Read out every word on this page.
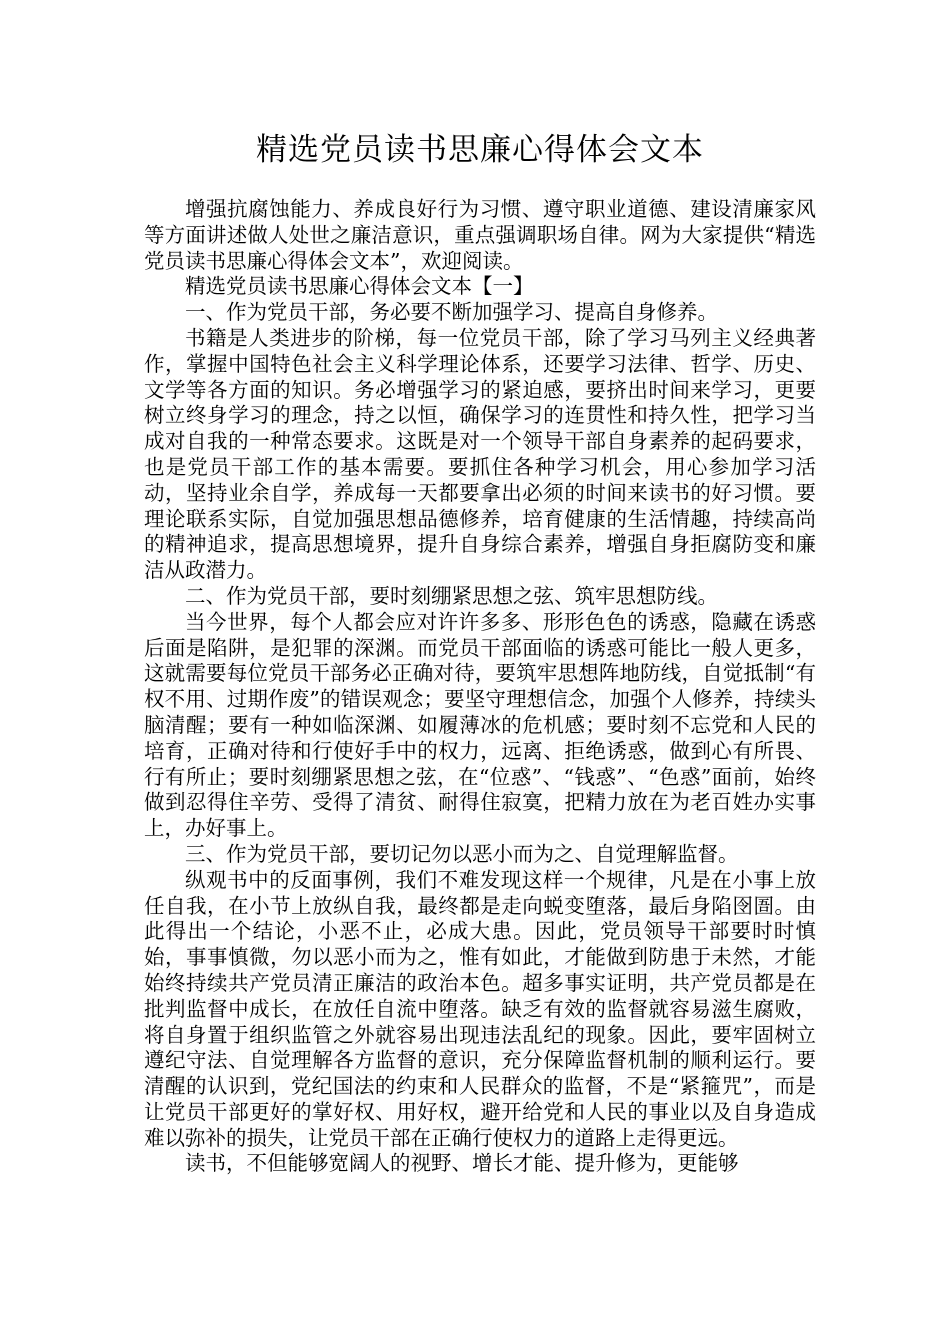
精选党员读书思廉心得体会文本

增强抗腐蚀能力、养成良好行为习惯、遵守职业道德、建设清廉家风等方面讲述做人处世之廉洁意识，重点强调职场自律。网为大家提供“精选党员读书思廉心得体会文本”，欢迎阅读。

精选党员读书思廉心得体会文本【一】

一、作为党员干部，务必要不断加强学习、提高自身修养。

书籍是人类进步的阶梯，每一位党员干部，除了学习马列主义经典著作，掌握中国特色社会主义科学理论体系，还要学习法律、哲学、历史、文学等各方面的知识。务必增强学习的紧迫感，要挤出时间来学习，更要树立终身学习的理念，持之以恒，确保学习的连贯性和持久性，把学习当成对自我的一种常态要求。这既是对一个领导干部自身素养的起码要求，也是党员干部工作的基本需要。要抓住各种学习机会，用心参加学习活动，坚持业余自学，养成每一天都要拿出必须的时间来读书的好习惯。要理论联系实际，自觉加强思想品德修养，培育健康的生活情趣，持续高尚的精神追求，提高思想境界，提升自身综合素养，增强自身拒腐防变和廉洁从政潜力。

二、作为党员干部，要时刻绷紧思想之弦、筑牢思想防线。

当今世界，每个人都会应对许许多多、形形色色的诱惑，隐藏在诱惑后面是陷阱，是犯罪的深渊。而党员干部面临的诱惑可能比一般人更多，这就需要每位党员干部务必正确对待，要筑牢思想阵地防线，自觉抵制“有权不用、过期作废”的错误观念；要坚守理想信念，加强个人修养，持续头脑清醒；要有一种如临深渊、如履薄冰的危机感；要时刻不忘党和人民的培育，正确对待和行使好手中的权力，远离、拒绝诱惑，做到心有所畏、行有所止；要时刻绷紧思想之弦，在“位惑”、“钱惑”、“色惑”面前，始终做到忍得住辛劳、受得了清贫、耐得住寂寞，把精力放在为老百姓办实事上，办好事上。

三、作为党员干部，要切记勿以恶小而为之、自觉理解监督。

纵观书中的反面事例，我们不难发现这样一个规律，凡是在小事上放任自我，在小节上放纵自我，最终都是走向蜕变堕落，最后身陷囹圄。由此得出一个结论，小恶不止，必成大患。因此，党员领导干部要时时慎始，事事慎微，勿以恶小而为之，惟有如此，才能做到防患于未然，才能始终持续共产党员清正廉洁的政治本色。超多事实证明，共产党员都是在批判监督中成长，在放任自流中堕落。缺乏有效的监督就容易滋生腐败，将自身置于组织监管之外就容易出现违法乱纪的现象。因此，要牢固树立遵纪守法、自觉理解各方监督的意识，充分保障监督机制的顺利运行。要清醒的认识到，党纪国法的约束和人民群众的监督，不是“紧箍咒”，而是让党员干部更好的掌好权、用好权，避开给党和人民的事业以及自身造成难以弥补的损失，让党员干部在正确行使权力的道路上走得更远。

读书，不但能够宽阔人的视野、增长才能、提升修为，更能够
